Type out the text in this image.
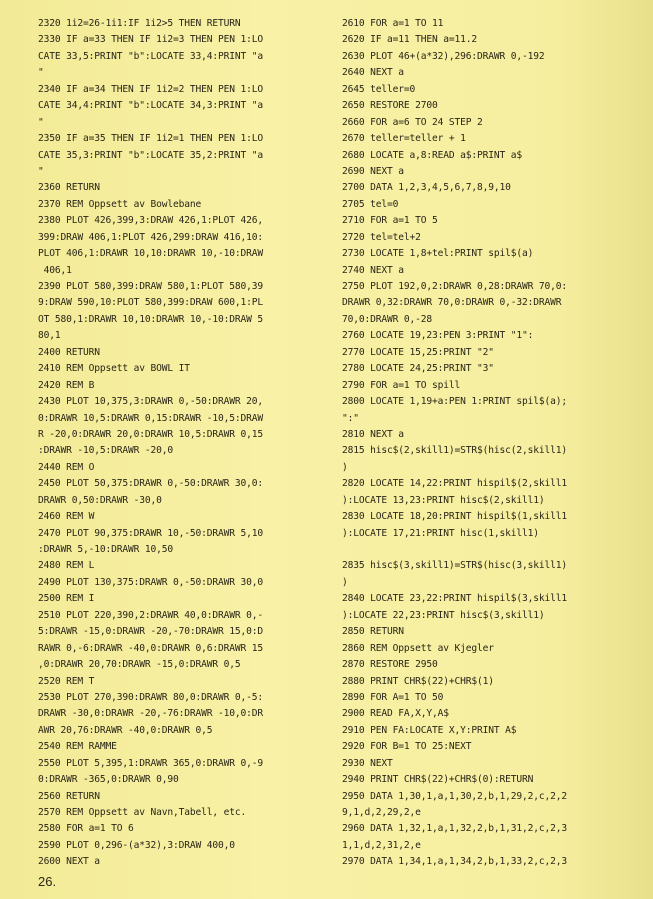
2320 1i2=26-1i1:IF 1i2>5 THEN RETURN
2330 IF a=33 THEN IF 1i2=3 THEN PEN 1:LO
CATE 33,5:PRINT "b":LOCATE 33,4:PRINT "a
"
2340 IF a=34 THEN IF 1i2=2 THEN PEN 1:LO
CATE 34,4:PRINT "b":LOCATE 34,3:PRINT "a
"
2350 IF a=35 THEN IF 1i2=1 THEN PEN 1:LO
CATE 35,3:PRINT "b":LOCATE 35,2:PRINT "a
"
2360 RETURN
2370 REM Oppsett av Bowlebane
2380 PLOT 426,399,3:DRAW 426,1:PLOT 426,
399:DRAW 406,1:PLOT 426,299:DRAW 416,10:
PLOT 406,1:DRAWR 10,10:DRAWR 10,-10:DRAW
406,1
2390 PLOT 580,399:DRAW 580,1:PLOT 580,39
9:DRAW 590,10:PLOT 580,399:DRAW 600,1:PL
OT 580,1:DRAWR 10,10:DRAWR 10,-10:DRAW 5
80,1
2400 RETURN
2410 REM Oppsett av BOWL IT
2420 REM B
2430 PLOT 10,375,3:DRAWR 0,-50:DRAWR 20,
0:DRAWR 10,5:DRAWR 0,15:DRAWR -10,5:DRAW
R -20,0:DRAWR 20,0:DRAWR 10,5:DRAWR 0,15
:DRAWR -10,5:DRAWR -20,0
2440 REM O
2450 PLOT 50,375:DRAWR 0,-50:DRAWR 30,0:
DRAWR 0,50:DRAWR -30,0
2460 REM W
2470 PLOT 90,375:DRAWR 10,-50:DRAWR 5,10
:DRAWR 5,-10:DRAWR 10,50
2480 REM L
2490 PLOT 130,375:DRAWR 0,-50:DRAWR 30,0
2500 REM I
2510 PLOT 220,390,2:DRAWR 40,0:DRAWR 0,-
5:DRAWR -15,0:DRAWR -20,-70:DRAWR 15,0:D
RAWR 0,-6:DRAWR -40,0:DRAWR 0,6:DRAWR 15
,0:DRAWR 20,70:DRAWR -15,0:DRAWR 0,5
2520 REM T
2530 PLOT 270,390:DRAWR 80,0:DRAWR 0,-5:
DRAWR -30,0:DRAWR -20,-76:DRAWR -10,0:DR
AWR 20,76:DRAWR -40,0:DRAWR 0,5
2540 REM RAMME
2550 PLOT 5,395,1:DRAWR 365,0:DRAWR 0,-9
0:DRAWR -365,0:DRAWR 0,90
2560 RETURN
2570 REM Oppsett av Navn,Tabell, etc.
2580 FOR a=1 TO 6
2590 PLOT 0,296-(a*32),3:DRAW 400,0
2600 NEXT a
2610 FOR a=1 TO 11
2620 IF a=11 THEN a=11.2
2630 PLOT 46+(a*32),296:DRAWR 0,-192
2640 NEXT a
2645 teller=0
2650 RESTORE 2700
2660 FOR a=6 TO 24 STEP 2
2670 teller=teller + 1
2680 LOCATE a,8:READ a$:PRINT a$
2690 NEXT a
2700 DATA 1,2,3,4,5,6,7,8,9,10
2705 tel=0
2710 FOR a=1 TO 5
2720 tel=tel+2
2730 LOCATE 1,8+tel:PRINT spil$(a)
2740 NEXT a
2750 PLOT 192,0,2:DRAWR 0,28:DRAWR 70,0:
DRAWR 0,32:DRAWR 70,0:DRAWR 0,-32:DRAWR
70,0:DRAWR 0,-28
2760 LOCATE 19,23:PEN 3:PRINT "1":
2770 LOCATE 15,25:PRINT "2"
2780 LOCATE 24,25:PRINT "3"
2790 FOR a=1 TO spill
2800 LOCATE 1,19+a:PEN 1:PRINT spil$(a);
":"
2810 NEXT a
2815 hisc$(2,skill1)=STR$(hisc(2,skill1)
)
2820 LOCATE 14,22:PRINT hispil$(2,skill1
):LOCATE 13,23:PRINT hisc$(2,skill1)
2830 LOCATE 18,20:PRINT hispil$(1,skill1
):LOCATE 17,21:PRINT hisc(1,skill1)
2835 hisc$(3,skill1)=STR$(hisc(3,skill1)
)
2840 LOCATE 23,22:PRINT hispil$(3,skill1
):LOCATE 22,23:PRINT hisc$(3,skill1)
2850 RETURN
2860 REM Oppsett av Kjegler
2870 RESTORE 2950
2880 PRINT CHR$(22)+CHR$(1)
2890 FOR A=1 TO 50
2900 READ FA,X,Y,A$
2910 PEN FA:LOCATE X,Y:PRINT A$
2920 FOR B=1 TO 25:NEXT
2930 NEXT
2940 PRINT CHR$(22)+CHR$(0):RETURN
2950 DATA 1,30,1,a,1,30,2,b,1,29,2,c,2,2
9,1,d,2,29,2,e
2960 DATA 1,32,1,a,1,32,2,b,1,31,2,c,2,3
1,1,d,2,31,2,e
2970 DATA 1,34,1,a,1,34,2,b,1,33,2,c,2,3
26.
